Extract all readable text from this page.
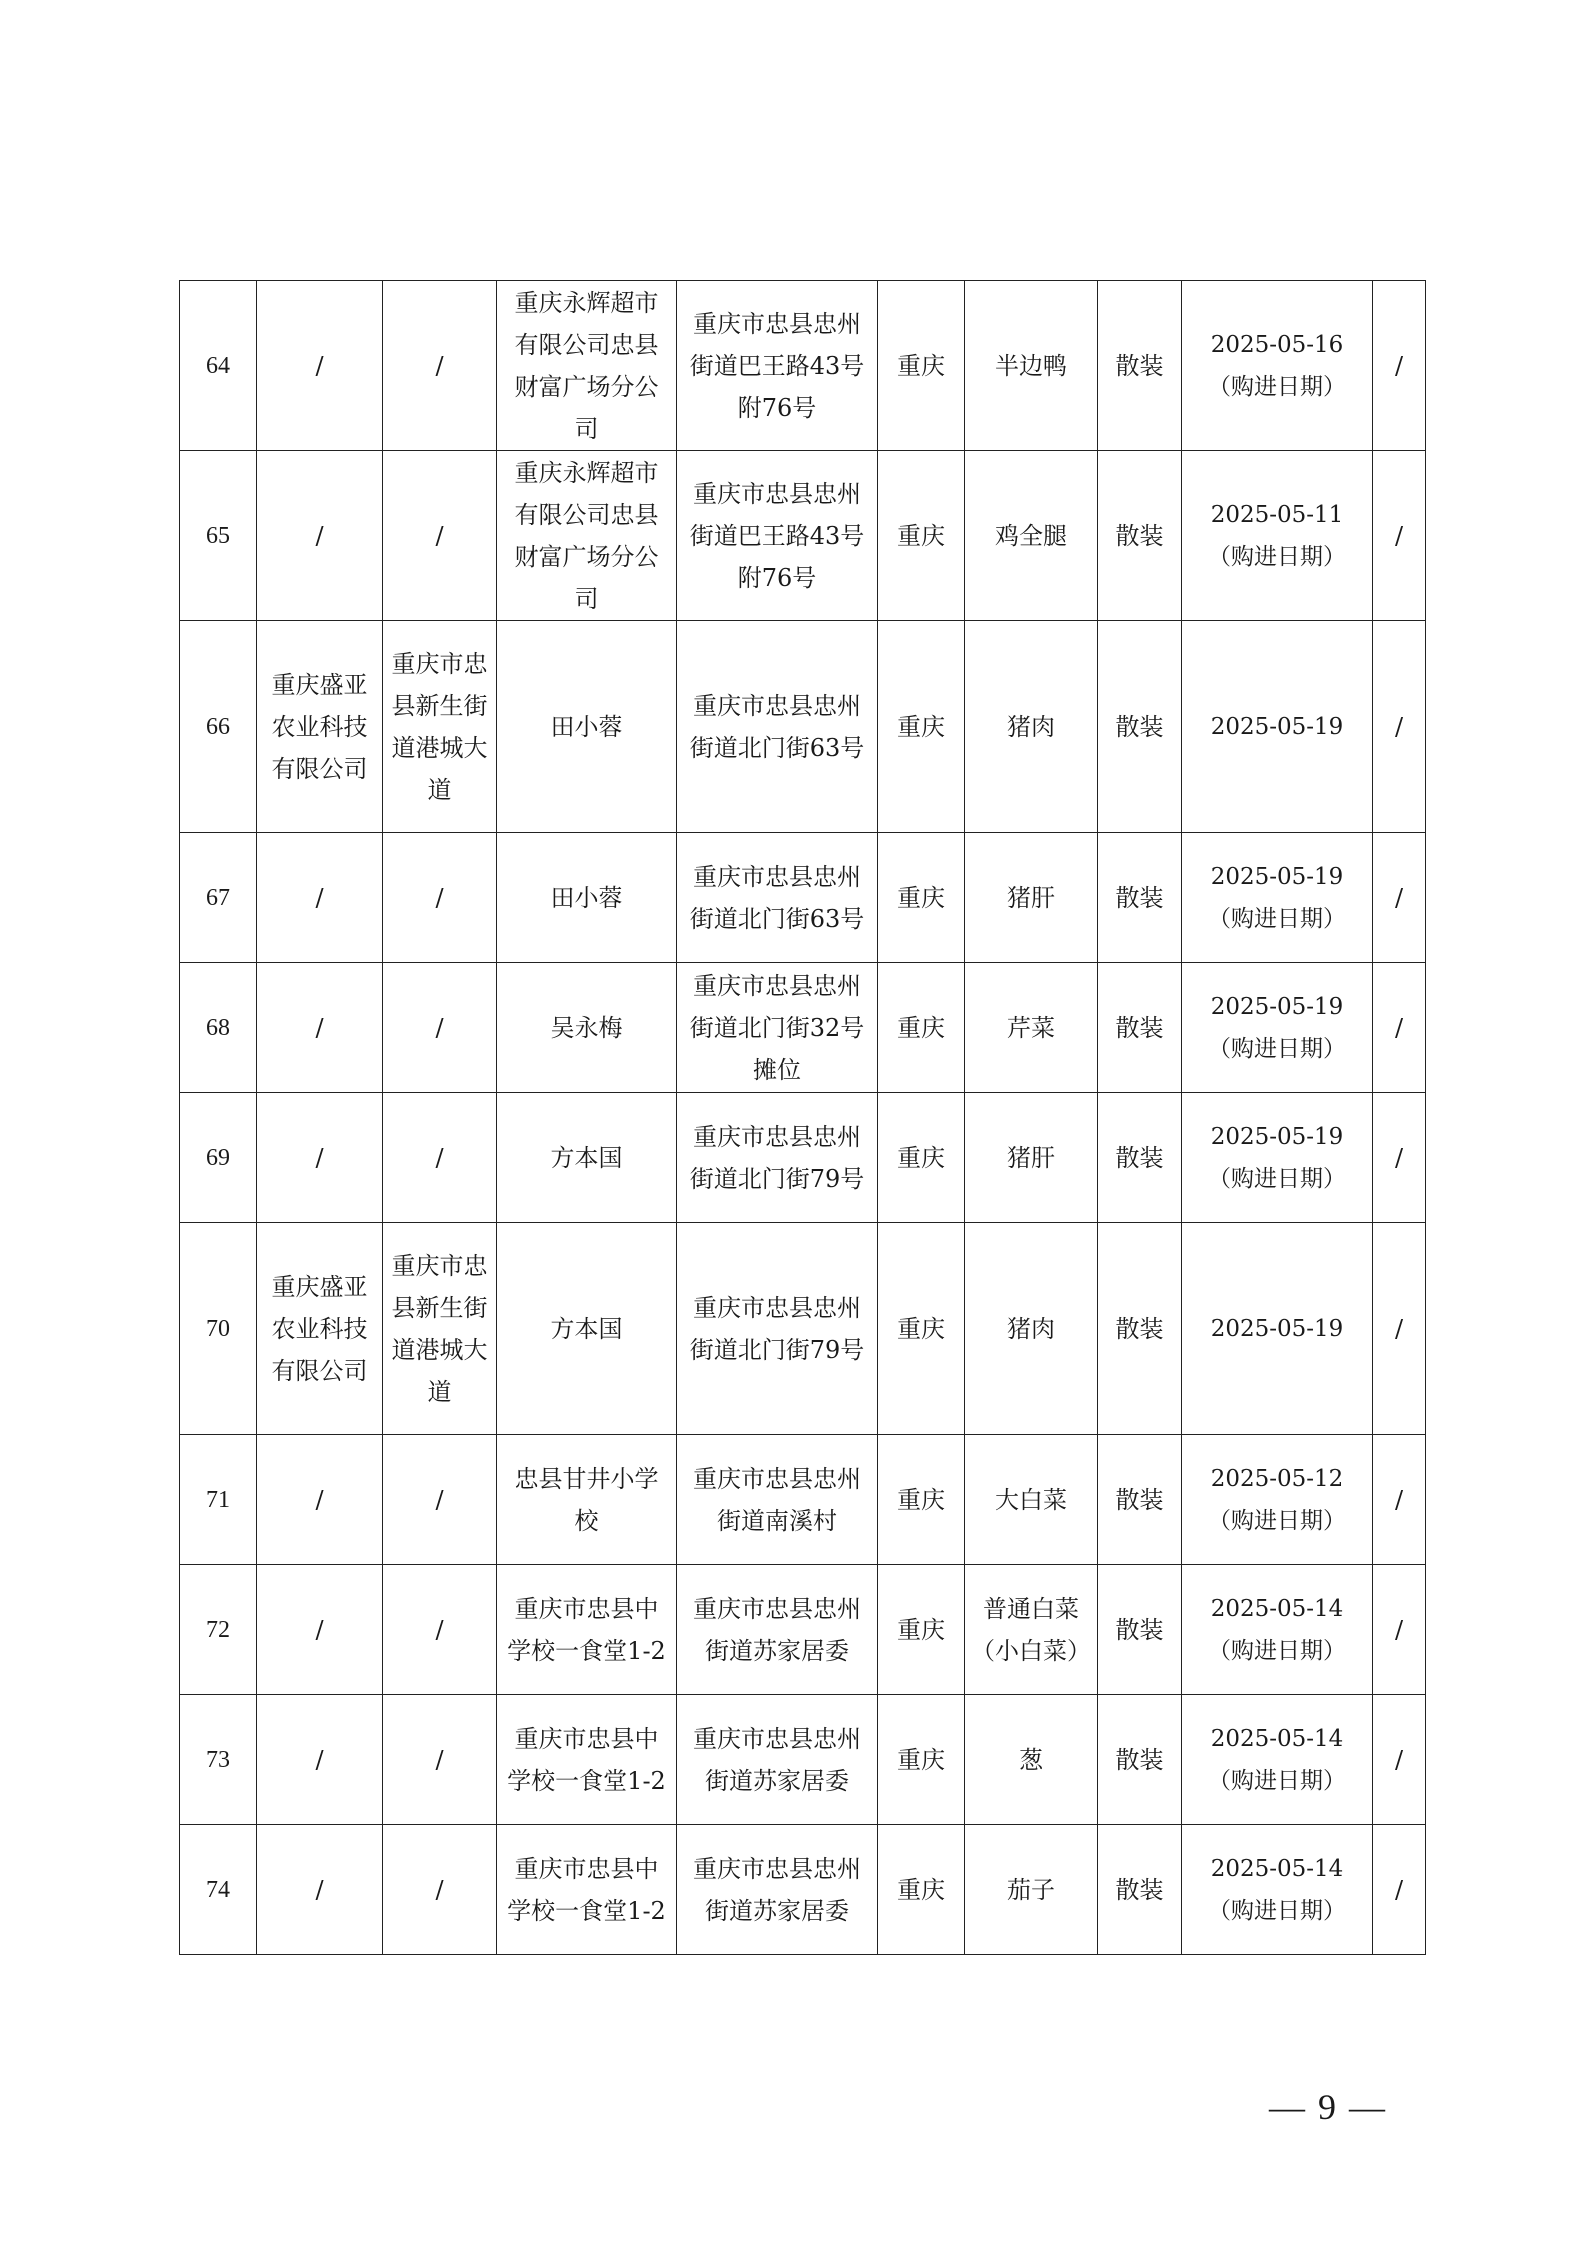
64	/	/	重庆永辉超市有限公司忠县财富广场分公司	重庆市忠县忠州街道巴王路43号附76号	重庆	半边鸭	散装	2025-05-16（购进日期）	/
65	/	/	重庆永辉超市有限公司忠县财富广场分公司	重庆市忠县忠州街道巴王路43号附76号	重庆	鸡全腿	散装	2025-05-11（购进日期）	/
66	重庆盛亚农业科技有限公司	重庆市忠县新生街道港城大道	田小蓉	重庆市忠县忠州街道北门街63号	重庆	猪肉	散装	2025-05-19	/
67	/	/	田小蓉	重庆市忠县忠州街道北门街63号	重庆	猪肝	散装	2025-05-19（购进日期）	/
68	/	/	吴永梅	重庆市忠县忠州街道北门街32号摊位	重庆	芹菜	散装	2025-05-19（购进日期）	/
69	/	/	方本国	重庆市忠县忠州街道北门街79号	重庆	猪肝	散装	2025-05-19（购进日期）	/
70	重庆盛亚农业科技有限公司	重庆市忠县新生街道港城大道	方本国	重庆市忠县忠州街道北门街79号	重庆	猪肉	散装	2025-05-19	/
71	/	/	忠县甘井小学校	重庆市忠县忠州街道南溪村	重庆	大白菜	散装	2025-05-12（购进日期）	/
72	/	/	重庆市忠县中学校一食堂1-2	重庆市忠县忠州街道苏家居委	重庆	普通白菜（小白菜）	散装	2025-05-14（购进日期）	/
73	/	/	重庆市忠县中学校一食堂1-2	重庆市忠县忠州街道苏家居委	重庆	葱	散装	2025-05-14（购进日期）	/
74	/	/	重庆市忠县中学校一食堂1-2	重庆市忠县忠州街道苏家居委	重庆	茄子	散装	2025-05-14（购进日期）	/
— 9 —
